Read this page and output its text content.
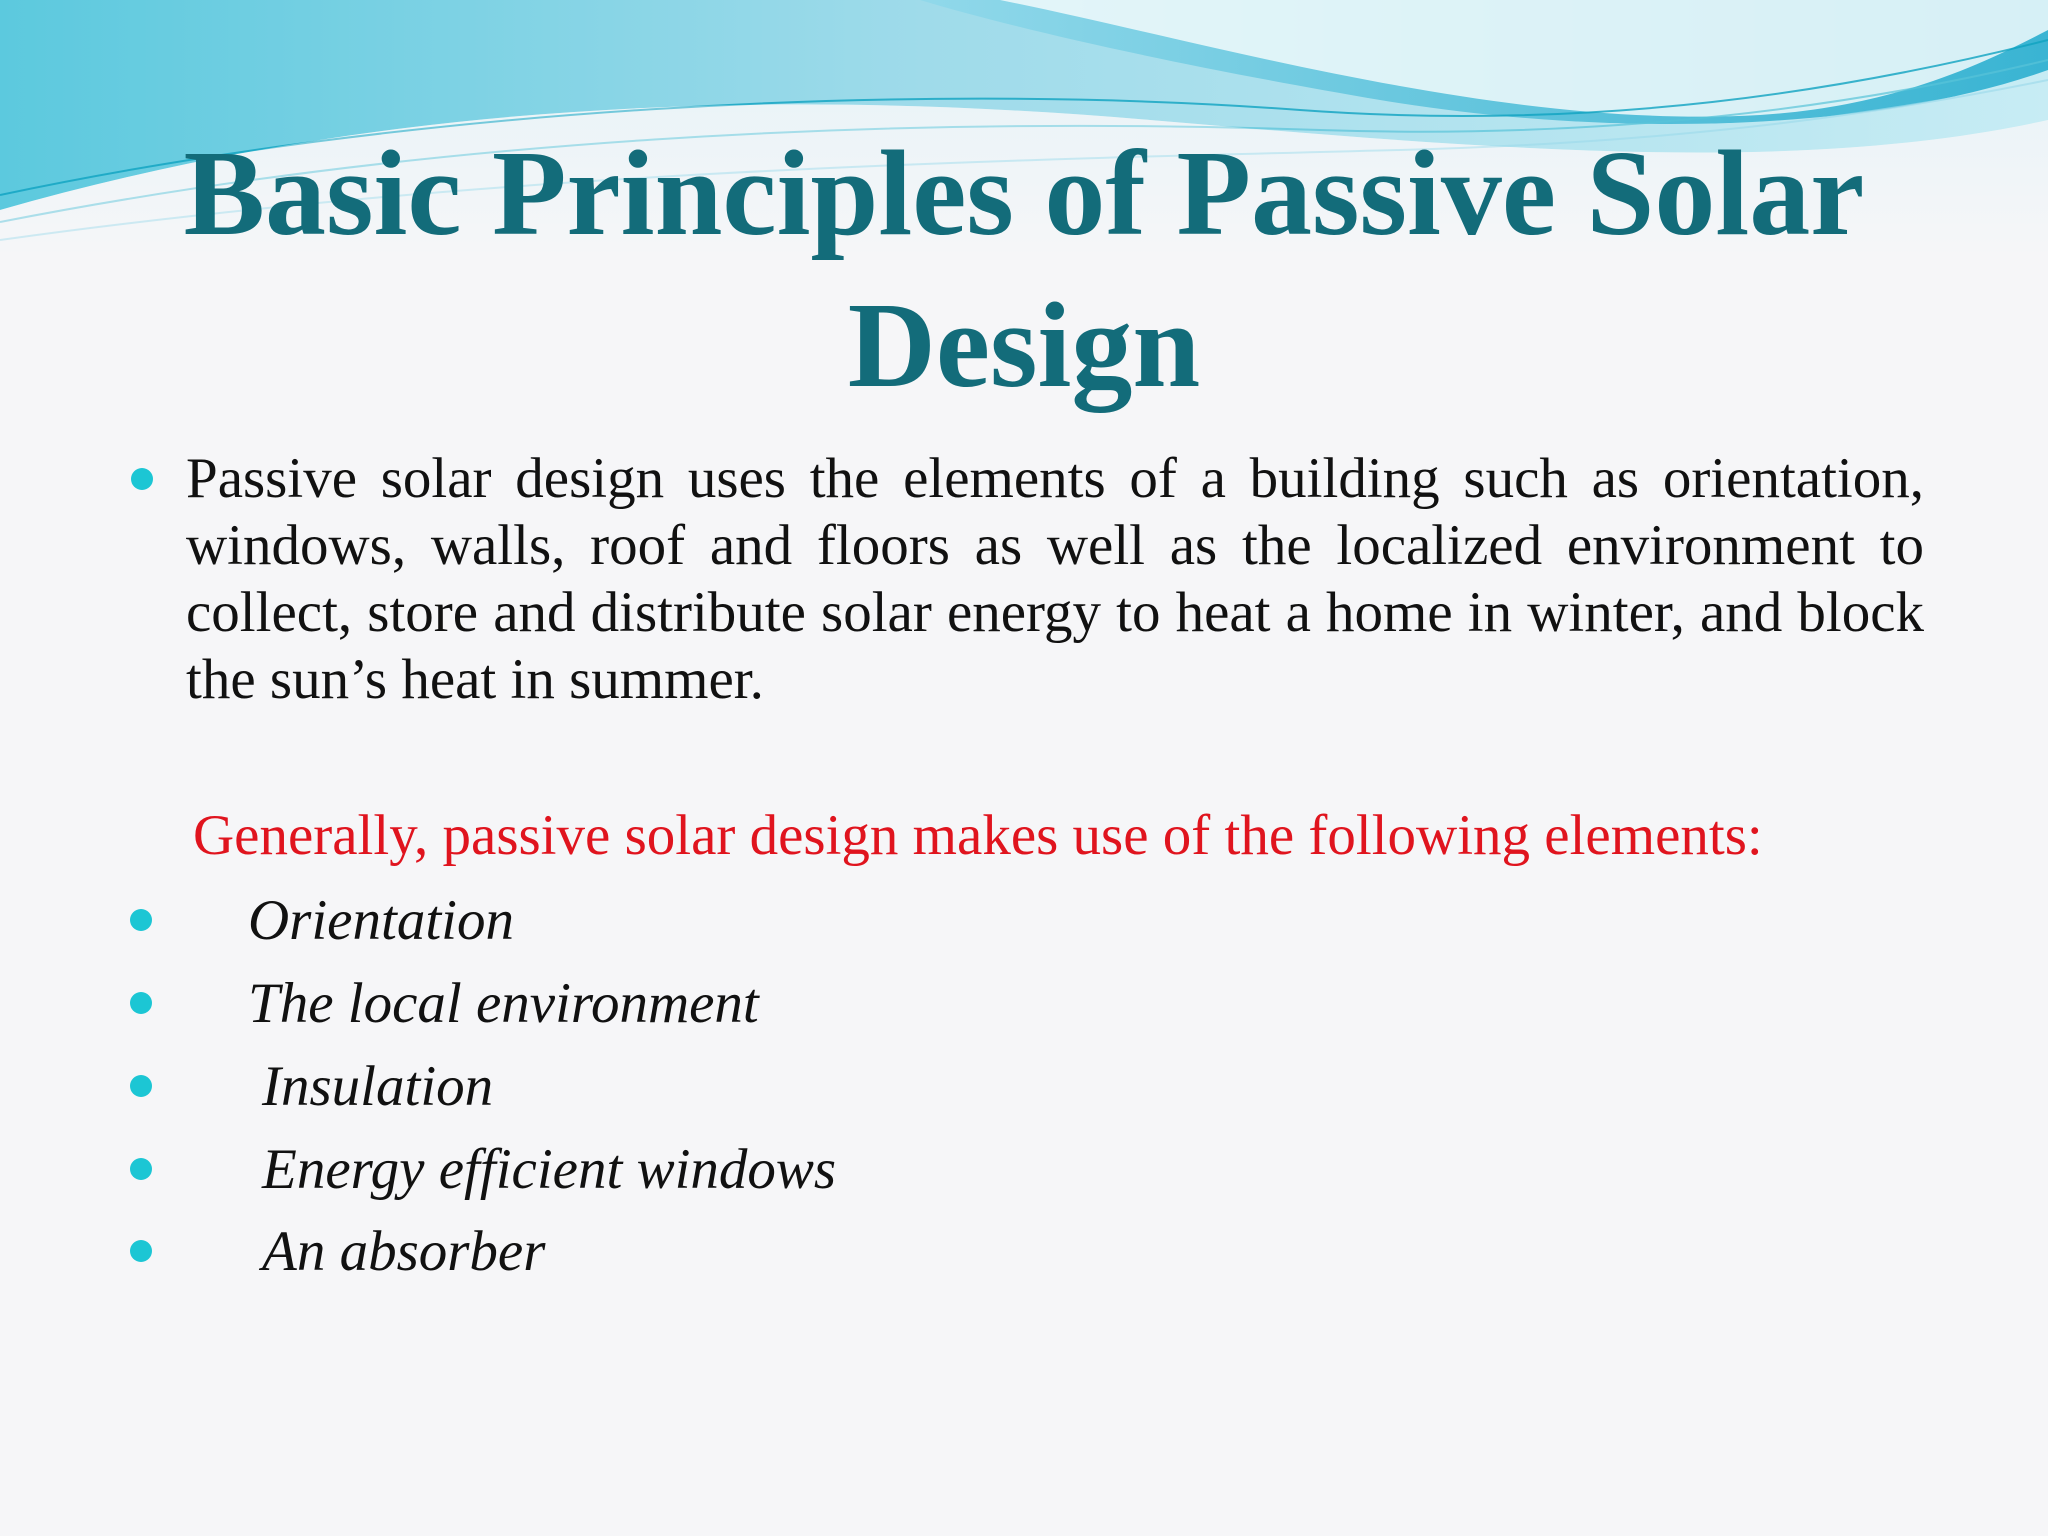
Basic Principles of Passive Solar Design
Passive solar design uses the elements of a building such as orientation, windows, walls, roof and floors as well as the localized environment to collect, store and distribute solar energy to heat a home in winter, and block the sun’s heat in summer.
Generally, passive solar design makes use of the following elements:
Orientation
The local environment
Insulation
Energy efficient windows
An absorber
